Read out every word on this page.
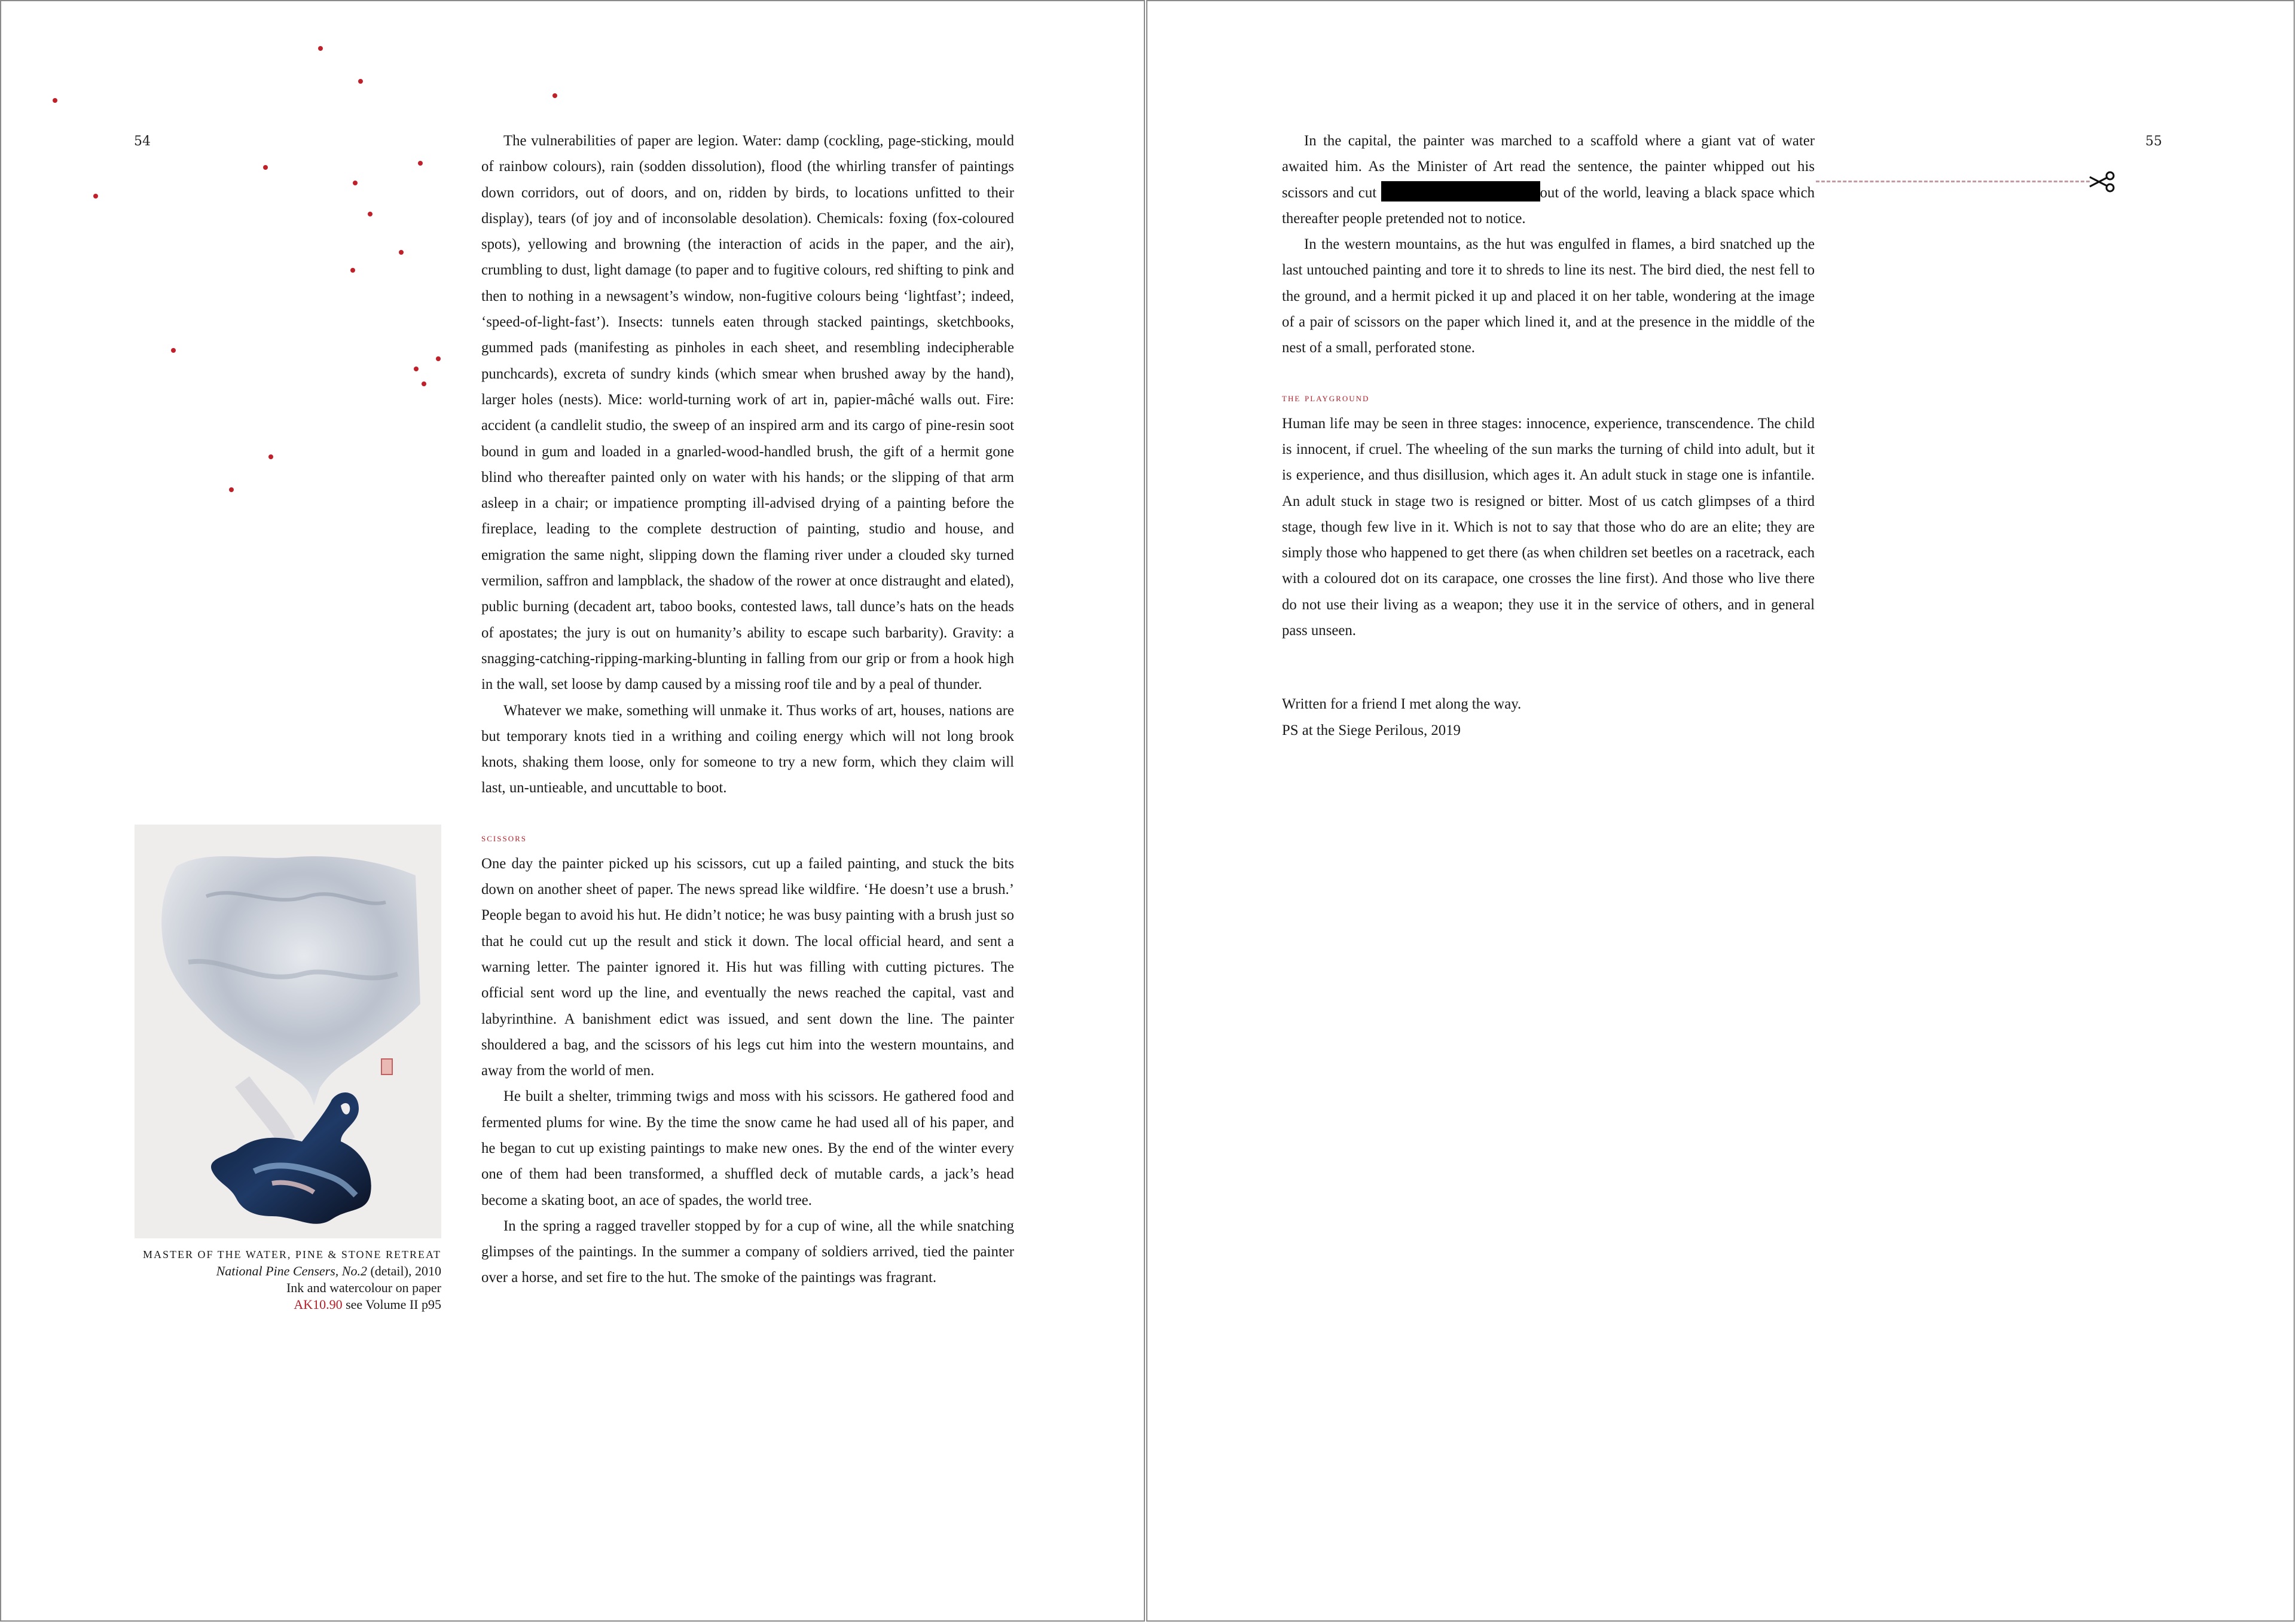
54	The vulnerabilities of paper are legion. Water: damp (cockling, page-sticking, mould of rainbow colours), rain (sodden dissolution), flood (the whirling transfer of paintings down corridors, out of doors, and on, ridden by birds, to locations unfitted to their display), tears (of joy and of inconsolable desolation). Chemicals: foxing (fox-coloured spots), yellowing and browning (the interaction of acids in the paper, and the air), crumbling to dust, light damage (to paper and to fugitive colours, red shifting to pink and then to nothing in a newsagent’s window, non-fugitive colours being ‘lightfast’; indeed, ‘speed-of-light-fast’). Insects: tunnels eaten through stacked paintings, sketchbooks, gummed pads (manifesting as pinholes in each sheet, and resembling indecipherable punchcards), excreta of sundry kinds (which smear when brushed away by the hand), larger holes (nests). Mice: world-turning work of art in, papier-mâché walls out. Fire: accident (a candlelit studio, the sweep of an inspired arm and its cargo of pine-resin soot bound in gum and loaded in a gnarled-wood-handled brush, the gift of a hermit gone blind who thereafter painted only on water with his hands; or the slipping of that arm asleep in a chair; or impatience prompting ill-advised drying of a painting before the fireplace, leading to the complete destruction of painting, studio and house, and emigration the same night, slipping down the flaming river under a clouded sky turned vermilion, saffron and lampblack, the shadow of the rower at once distraught and elated), public burning (decadent art, taboo books, contested laws, tall dunce’s hats on the heads of apostates; the jury is out on humanity’s ability to escape such barbarity). Gravity: a snagging-catching-ripping-marking-blunting in falling from our grip or from a hook high in the wall, set loose by damp caused by a missing roof tile and by a peal of thunder.

Whatever we make, something will unmake it. Thus works of art, houses, nations are but temporary knots tied in a writhing and coiling energy which will not long brook knots, shaking them loose, only for someone to try a new form, which they claim will last, un-untieable, and uncuttable to boot.

scissors

One day the painter picked up his scissors, cut up a failed painting, and stuck the bits down on another sheet of paper. The news spread like wildfire. ‘He doesn’t use a brush.’ People began to avoid his hut. He didn’t notice; he was busy painting with a brush just so that he could cut up the result and stick it down. The local official heard, and sent a warning letter. The painter ignored it. His hut was filling with cutting pictures. The official sent word up the line, and eventually the news reached the capital, vast and labyrinthine. A banishment edict was issued, and sent down the line. The painter shouldered a bag, and the scissors of his legs cut him into the western mountains, and away from the world of men.

He built a shelter, trimming twigs and moss with his scissors. He gathered food and fermented plums for wine. By the time the snow came he had used all of his paper, and he began to cut up existing paintings to make new ones. By the end of the winter every one of them had been transformed, a shuffled deck of mutable cards, a jack’s head become a skating boot, an ace of spades, the world tree.

In the spring a ragged traveller stopped by for a cup of wine, all the while snatching glimpses of the paintings. In the summer a company of soldiers arrived, tied the painter over a horse, and set fire to the hut. The smoke of the paintings was fragrant.

MASTER OF THE WATER, PINE & STONE RETREAT
National Pine Censers, No.2 (detail), 2010
Ink and watercolour on paper
AK10.90 see Volume II p95
55

In the capital, the painter was marched to a scaffold where a giant vat of water awaited him. As the Minister of Art read the sentence, the painter whipped out his scissors and cut	out of the world, leaving a black space which thereafter people pretended not to notice.

In the western mountains, as the hut was engulfed in flames, a bird snatched up the last untouched painting and tore it to shreds to line its nest. The bird died, the nest fell to the ground, and a hermit picked it up and placed it on her table, wondering at the image of a pair of scissors on the paper which lined it, and at the presence in the middle of the nest of a small, perforated stone.

the playground

Human life may be seen in three stages: innocence, experience, transcendence. The child is innocent, if cruel. The wheeling of the sun marks the turning of child into adult, but it is experience, and thus disillusion, which ages it. An adult stuck in stage one is infantile. An adult stuck in stage two is resigned or bitter. Most of us catch glimpses of a third stage, though few live in it. Which is not to say that those who do are an elite; they are simply those who happened to get there (as when children set beetles on a racetrack, each with a coloured dot on its carapace, one crosses the line first). And those who live there do not use their living as a weapon; they use it in the service of others, and in general pass unseen.

Written for a friend I met along the way.
PS at the Siege Perilous, 2019
